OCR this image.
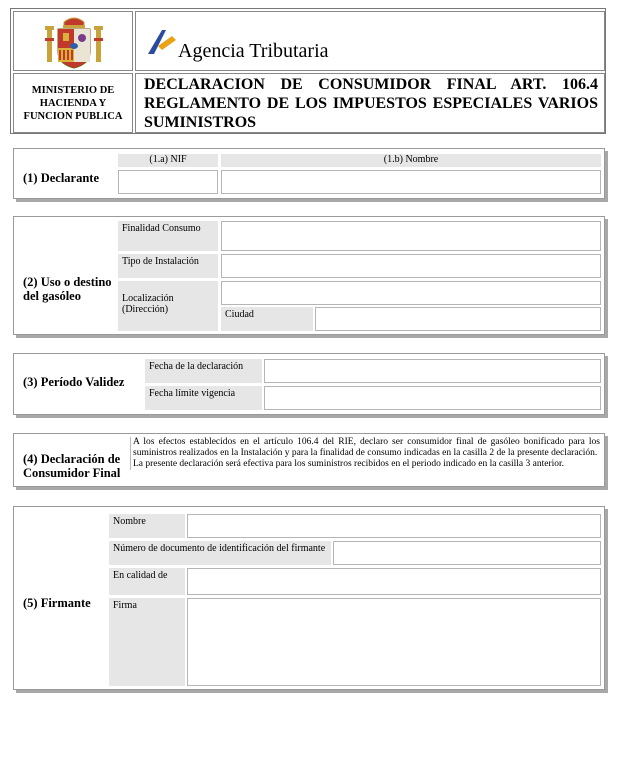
Agencia Tributaria
MINISTERIO DE HACIENDA Y FUNCION PUBLICA
DECLARACION DE CONSUMIDOR FINAL ART. 106.4 REGLAMENTO DE LOS IMPUESTOS ESPECIALES VARIOS SUMINISTROS
(1) Declarante
(1.a) NIF	(1.b) Nombre
(2) Uso o destino del gasóleo
Finalidad Consumo
Tipo de Instalación
Localización (Dirección)	Ciudad
(3) Período Validez
Fecha de la declaración
Fecha límite vigencia
(4) Declaración de Consumidor Final
A los efectos establecidos en el artículo 106.4 del RIE, declaro ser consumidor final de gasóleo bonificado para los suministros realizados en la Instalación y para la finalidad de consumo indicadas en la casilla 2 de la presente declaración.
La presente declaración será efectiva para los suministros recibidos en el periodo indicado en la casilla 3 anterior.
(5) Firmante
Nombre
Número de documento de identificación del firmante
En calidad de
Firma
